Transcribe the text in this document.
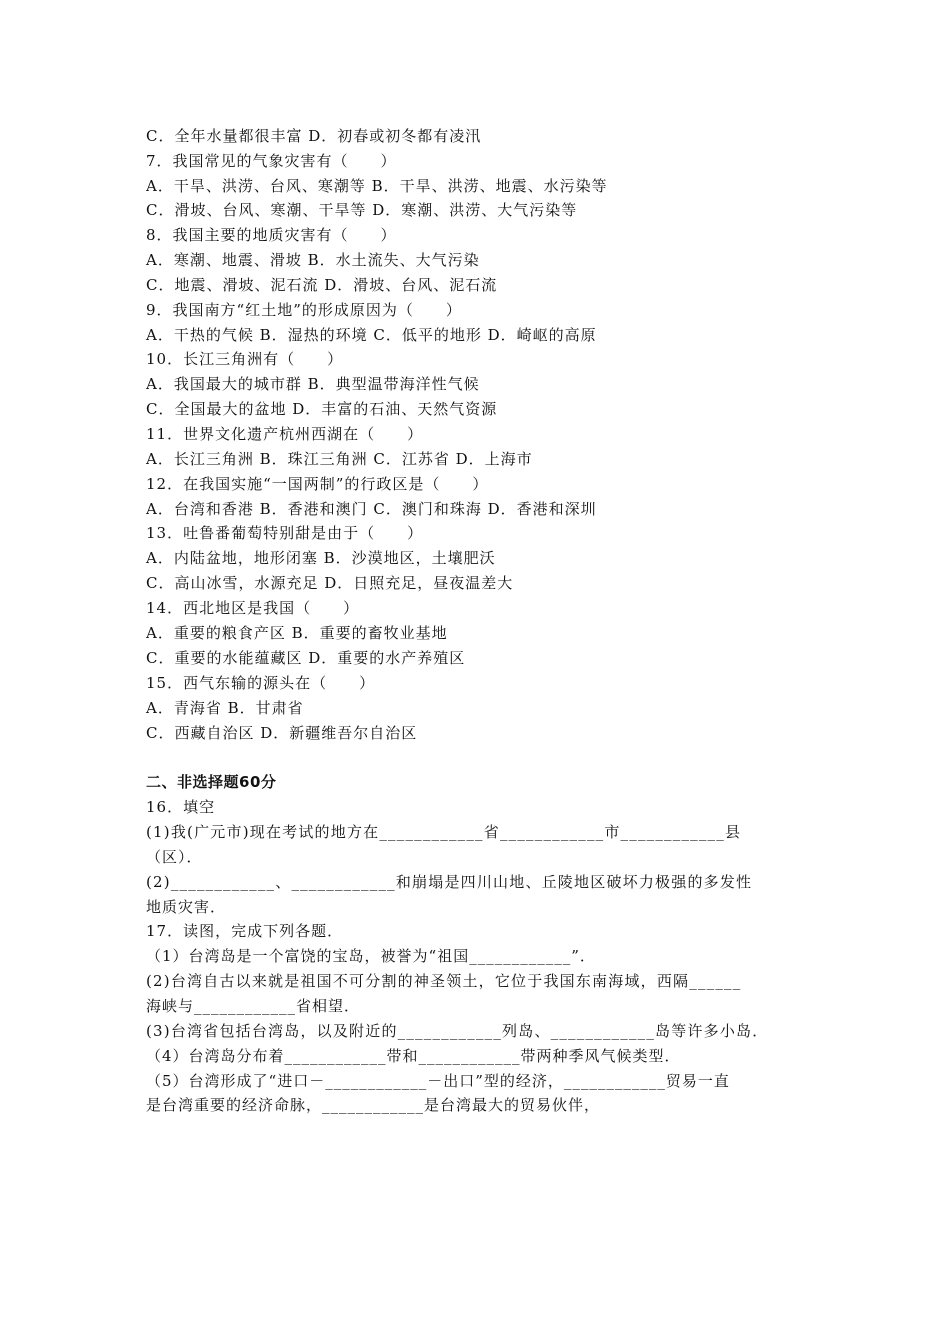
C．全年水量都很丰富 D．初春或初冬都有凌汛
7．我国常见的气象灾害有（　　）
A．干旱、洪涝、台风、寒潮等 B．干旱、洪涝、地震、水污染等
C．滑坡、台风、寒潮、干旱等 D．寒潮、洪涝、大气污染等
8．我国主要的地质灾害有（　　）
A．寒潮、地震、滑坡 B．水土流失、大气污染
C．地震、滑坡、泥石流 D．滑坡、台风、泥石流
9．我国南方“红土地”的形成原因为（　　）
A．干热的气候 B．湿热的环境 C．低平的地形 D．崎岖的高原
10．长江三角洲有（　　）
A．我国最大的城市群 B．典型温带海洋性气候
C．全国最大的盆地 D．丰富的石油、天然气资源
11．世界文化遗产杭州西湖在（　　）
A．长江三角洲 B．珠江三角洲 C．江苏省 D．上海市
12．在我国实施“一国两制”的行政区是（　　）
A．台湾和香港 B．香港和澳门 C．澳门和珠海 D．香港和深圳
13．吐鲁番葡萄特别甜是由于（　　）
A．内陆盆地，地形闭塞 B．沙漠地区，土壤肥沃
C．高山冰雪，水源充足 D．日照充足，昼夜温差大
14．西北地区是我国（　　）
A．重要的粮食产区 B．重要的畜牧业基地
C．重要的水能蕴藏区 D．重要的水产养殖区
15．西气东输的源头在（　　）
A．青海省 B．甘肃省
C．西藏自治区 D．新疆维吾尔自治区
二、非选择题60分
16．填空
(1)我(广元市)现在考试的地方在____________省____________市____________县
（区）．
(2)____________、____________和崩塌是四川山地、丘陵地区破坏力极强的多发性
地质灾害．
17．读图，完成下列各题．
（1）台湾岛是一个富饶的宝岛，被誉为“祖国____________”．
(2)台湾自古以来就是祖国不可分割的神圣领土，它位于我国东南海域，西隔______
海峡与____________省相望．
(3)台湾省包括台湾岛，以及附近的____________列岛、____________岛等许多小岛．
（4）台湾岛分布着____________带和____________带两种季风气候类型．
（5）台湾形成了“进口－____________－出口”型的经济，____________贸易一直
是台湾重要的经济命脉，____________是台湾最大的贸易伙伴，
